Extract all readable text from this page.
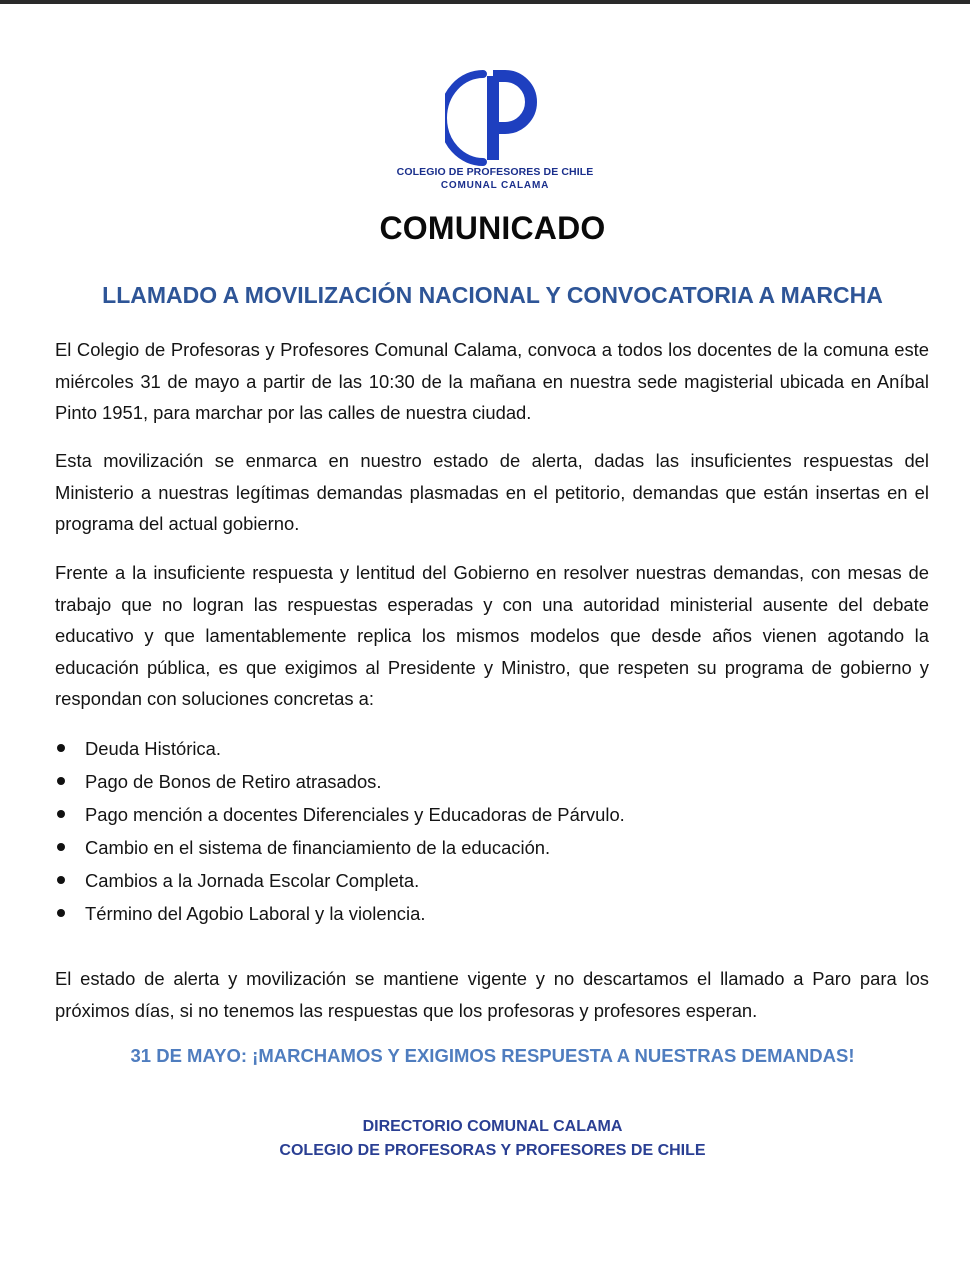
COLEGIO DE PROFESORES DE CHILE
COMUNAL CALAMA
COMUNICADO
LLAMADO A MOVILIZACIÓN NACIONAL Y CONVOCATORIA A MARCHA
El Colegio de Profesoras y Profesores Comunal Calama, convoca a todos los docentes de la comuna este miércoles 31 de mayo a partir de las 10:30 de la mañana en nuestra sede magisterial ubicada en Aníbal Pinto 1951, para marchar por las calles de nuestra ciudad.
Esta movilización se enmarca en nuestro estado de alerta, dadas las insuficientes respuestas del Ministerio a nuestras legítimas demandas plasmadas en el petitorio, demandas que están insertas en el programa del actual gobierno.
Frente a la insuficiente respuesta y lentitud del Gobierno en resolver nuestras demandas, con mesas de trabajo que no logran las respuestas esperadas y con una autoridad ministerial ausente del debate educativo y que lamentablemente replica los mismos modelos que desde años vienen agotando la educación pública, es que exigimos al Presidente y Ministro, que respeten su programa de gobierno y respondan con soluciones concretas a:
Deuda Histórica.
Pago de Bonos de Retiro atrasados.
Pago mención a docentes Diferenciales y Educadoras de Párvulo.
Cambio en el sistema de financiamiento de la educación.
Cambios a la Jornada Escolar Completa.
Término del Agobio Laboral y la violencia.
El estado de alerta y movilización se mantiene vigente y no descartamos el llamado a Paro para los próximos días, si no tenemos las respuestas que los profesoras y profesores esperan.
31 DE MAYO: ¡MARCHAMOS Y EXIGIMOS RESPUESTA A NUESTRAS DEMANDAS!
DIRECTORIO COMUNAL CALAMA
COLEGIO DE PROFESORAS Y PROFESORES DE CHILE
